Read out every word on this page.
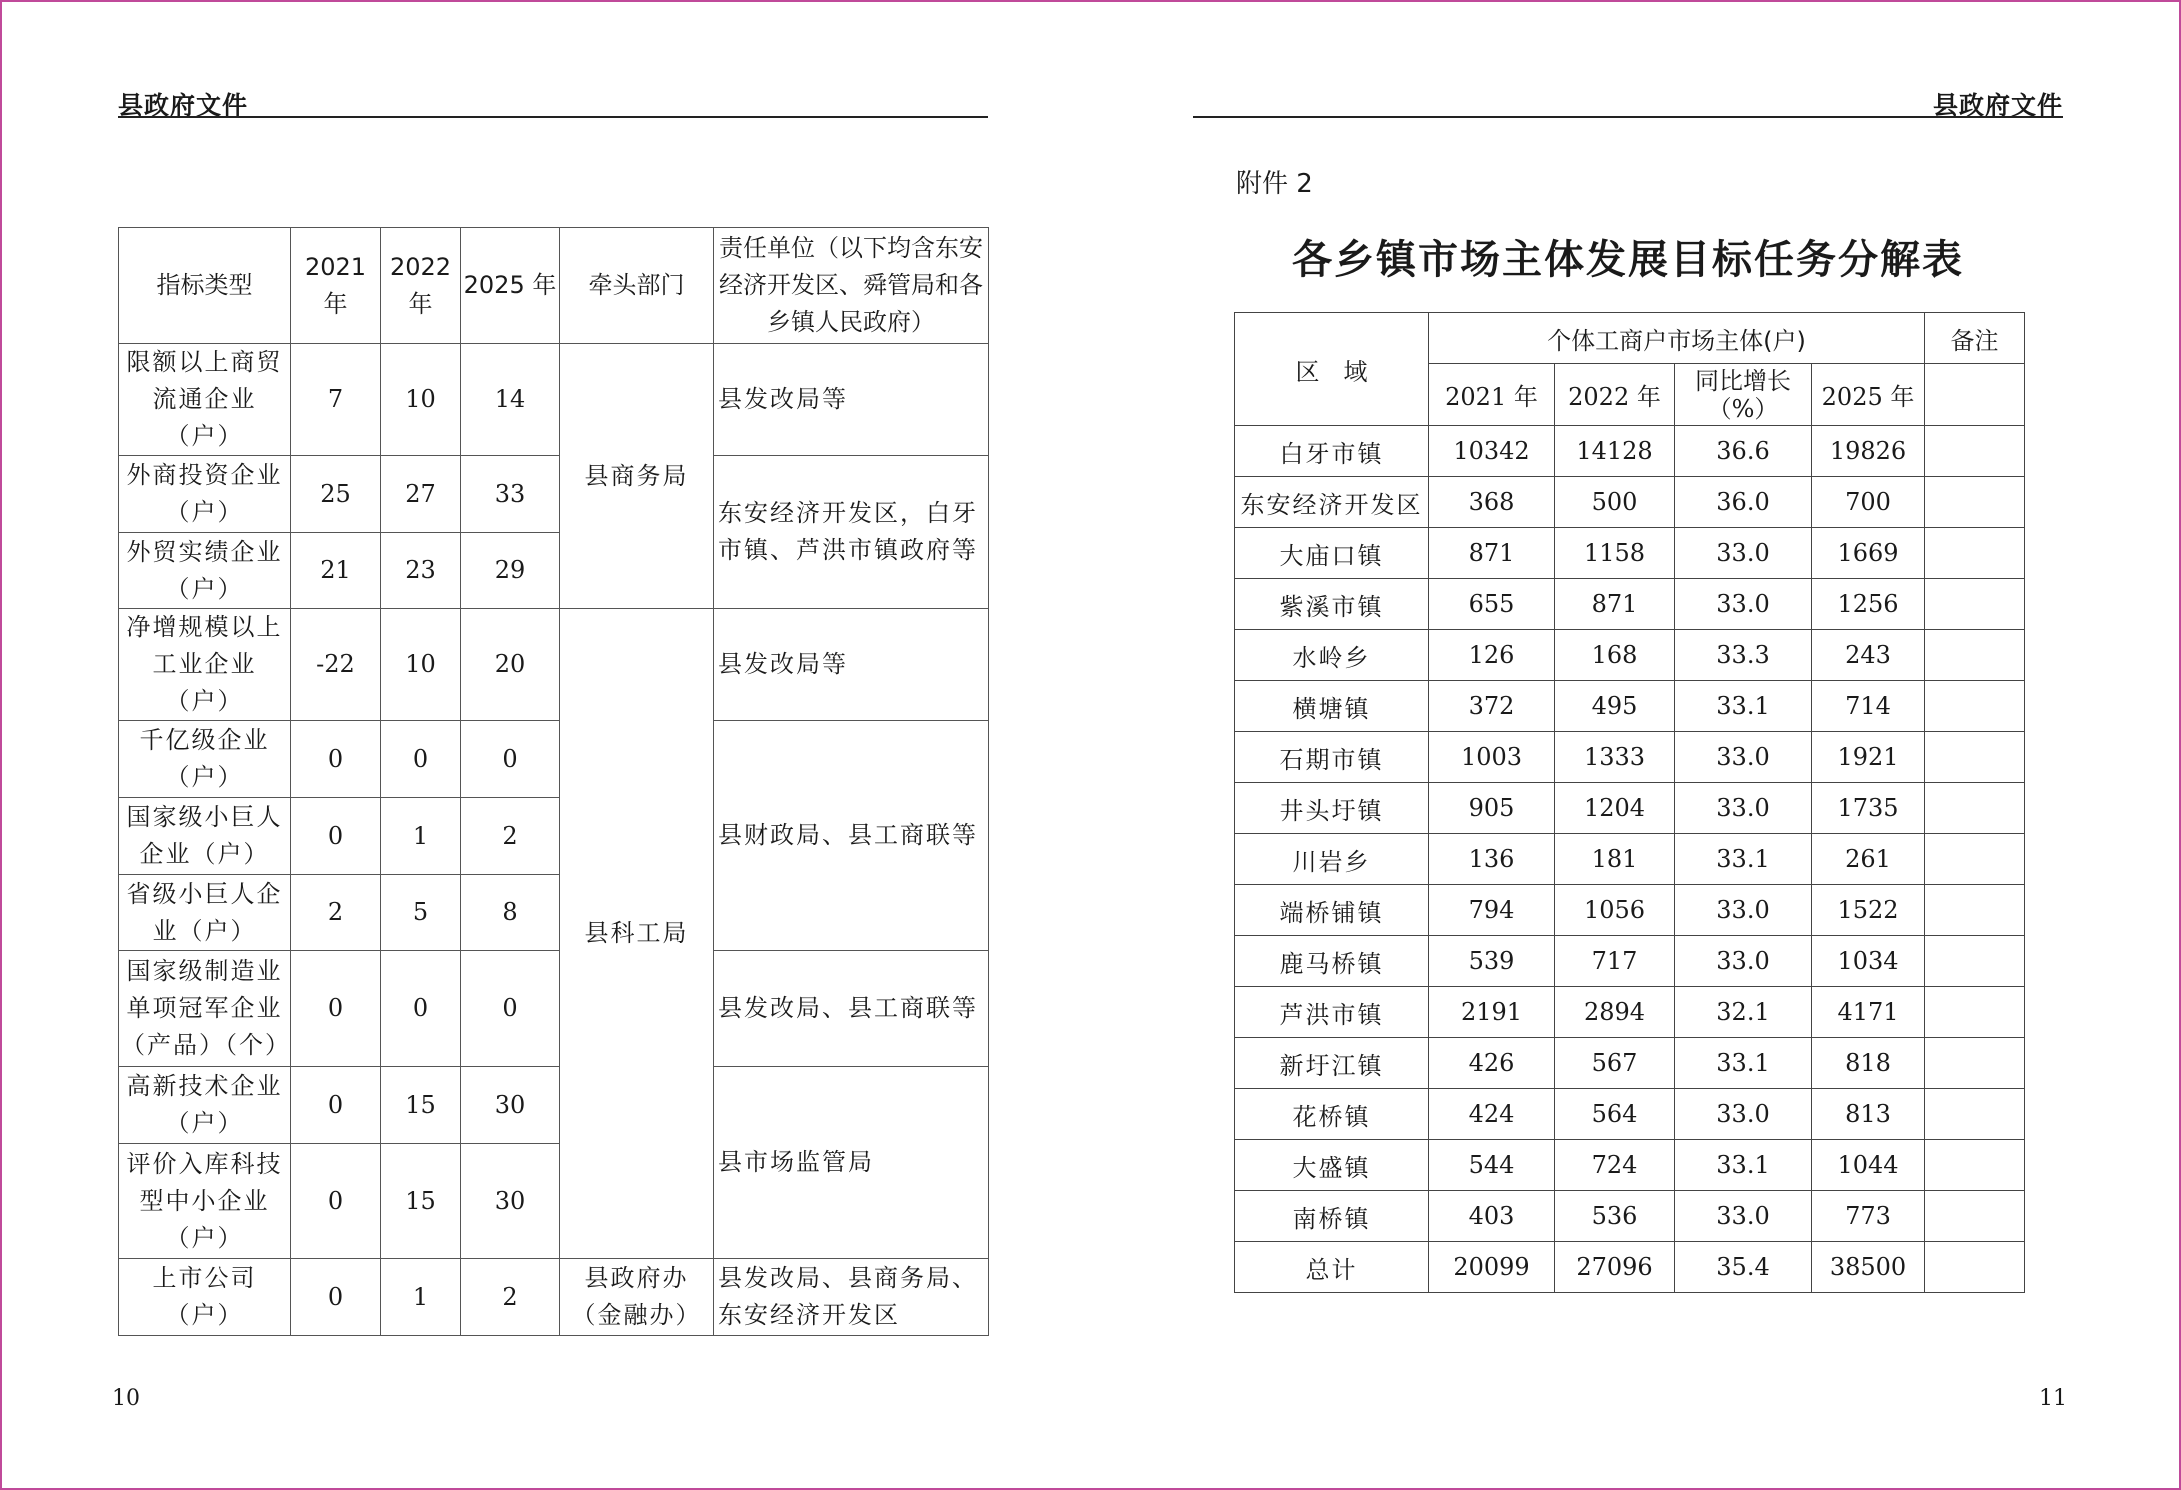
县政府文件
指标类型	2021 年	2022 年	2025 年	牵头部门	责任单位（以下均含东安经济开发区、舜管局和各乡镇人民政府）
限额以上商贸流通企业（户）	7	10	14	县商务局	县发改局等
外商投资企业（户）	25	27	33		东安经济开发区，白牙市镇、芦洪市镇政府等
外贸实绩企业（户）	21	23	29		
净增规模以上工业企业（户）	-22	10	20	县科工局	县发改局等
千亿级企业（户）	0	0	0		县财政局、县工商联等
国家级小巨人企业（户）	0	1	2		
省级小巨人企业（户）	2	5	8		
国家级制造业单项冠军企业（产品）（个）	0	0	0		县发改局、县工商联等
高新技术企业（户）	0	15	30		县市场监管局
评价入库科技型中小企业（户）	0	15	30		
上市公司（户）	0	1	2	县政府办（金融办）	县发改局、县商务局、东安经济开发区
10
县政府文件
附件 2
各乡镇市场主体发展目标任务分解表
区　域	个体工商户市场主体(户)				备注
	2021 年	2022 年	同比增长（%）	2025 年	
白牙市镇	10342	14128	36.6	19826	
东安经济开发区	368	500	36.0	700	
大庙口镇	871	1158	33.0	1669	
紫溪市镇	655	871	33.0	1256	
水岭乡	126	168	33.3	243	
横塘镇	372	495	33.1	714	
石期市镇	1003	1333	33.0	1921	
井头圩镇	905	1204	33.0	1735	
川岩乡	136	181	33.1	261	
端桥铺镇	794	1056	33.0	1522	
鹿马桥镇	539	717	33.0	1034	
芦洪市镇	2191	2894	32.1	4171	
新圩江镇	426	567	33.1	818	
花桥镇	424	564	33.0	813	
大盛镇	544	724	33.1	1044	
南桥镇	403	536	33.0	773	
总计	20099	27096	35.4	38500	
11
